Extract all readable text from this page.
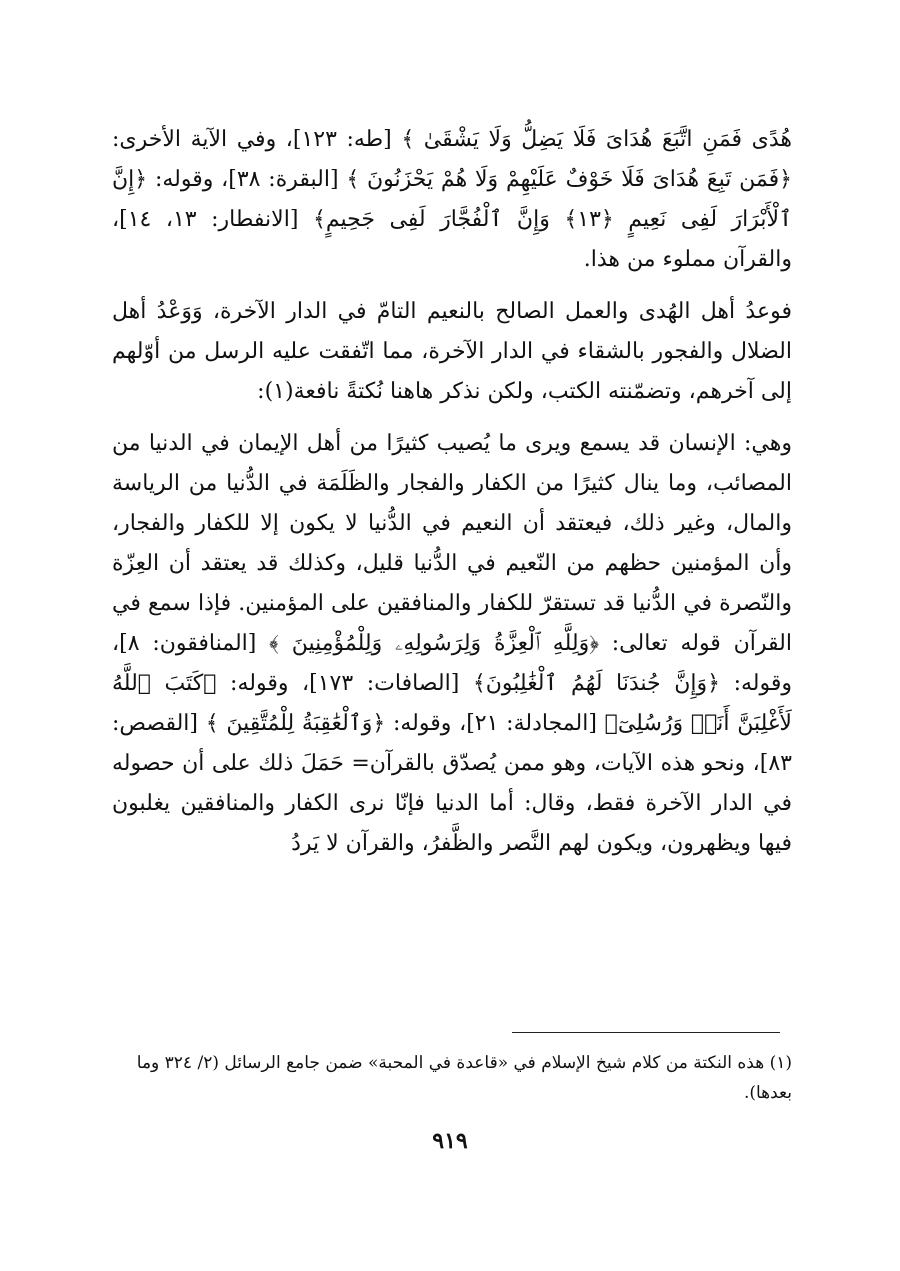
هُدًى فَمَنِ اتَّبَعَ هُدَاىَ فَلَا يَضِلُّ وَلَا يَشْقَىٰ ﴾ [طه: ١٢٣]، وفي الآية الأخرى: ﴿فَمَن تَبِعَ هُدَاىَ فَلَا خَوْفٌ عَلَيْهِمْ وَلَا هُمْ يَحْزَنُونَ ﴾ [البقرة: ٣٨]، وقوله: ﴿إِنَّ ٱلْأَبْرَارَ لَفِى نَعِيمٍ ﴿١٣﴾ وَإِنَّ ٱلْفُجَّارَ لَفِى جَحِيمٍ﴾ [الانفطار: ١٣، ١٤]، والقرآن مملوء من هذا.

فوعدُ أهل الهُدى والعمل الصالح بالنعيم التامّ في الدار الآخرة، وَوَعْدُ أهل الضلال والفجور بالشقاء في الدار الآخرة، مما اتّفقت عليه الرسل من أوّلهم إلى آخرهم، وتضمّنته الكتب، ولكن نذكر هاهنا نُكتةً نافعة(١):

وهي: الإنسان قد يسمع ويرى ما يُصيب كثيرًا من أهل الإيمان في الدنيا من المصائب، وما ينال كثيرًا من الكفار والفجار والظَلَمَة في الدُّنيا من الرياسة والمال، وغير ذلك، فيعتقد أن النعيم في الدُّنيا لا يكون إلا للكفار والفجار، وأن المؤمنين حظهم من النّعيم في الدُّنيا قليل، وكذلك قد يعتقد أن العِزّة والنّصرة في الدُّنيا قد تستقرّ للكفار والمنافقين على المؤمنين. فإذا سمع في القرآن قوله تعالى: ﴿وَلِلَّهِ ٱلْعِزَّةُ وَلِرَسُولِهِۦ وَلِلْمُؤْمِنِينَ ﴾ [المنافقون: ٨]، وقوله: ﴿وَإِنَّ جُندَنَا لَهُمُ ٱلْغَٰلِبُونَ﴾ [الصافات: ١٧٣]، وقوله: ﴿كَتَبَ ٱللَّهُ لَأَغْلِبَنَّ أَنَا۠ وَرُسُلِىٓ﴾ [المجادلة: ٢١]، وقوله: ﴿وَٱلْعَٰقِبَةُ لِلْمُتَّقِينَ ﴾ [القصص: ٨٣]، ونحو هذه الآيات، وهو ممن يُصدّق بالقرآن= حَمَلَ ذلك على أن حصوله في الدار الآخرة فقط، وقال: أما الدنيا فإنّا نرى الكفار والمنافقين يغلبون فيها ويظهرون، ويكون لهم النَّصر والظَّفرُ، والقرآن لا يَردُ

(١) هذه النكتة من كلام شيخ الإسلام في «قاعدة في المحبة» ضمن جامع الرسائل (٢/ ٣٢٤ وما بعدها).
٩١٩
